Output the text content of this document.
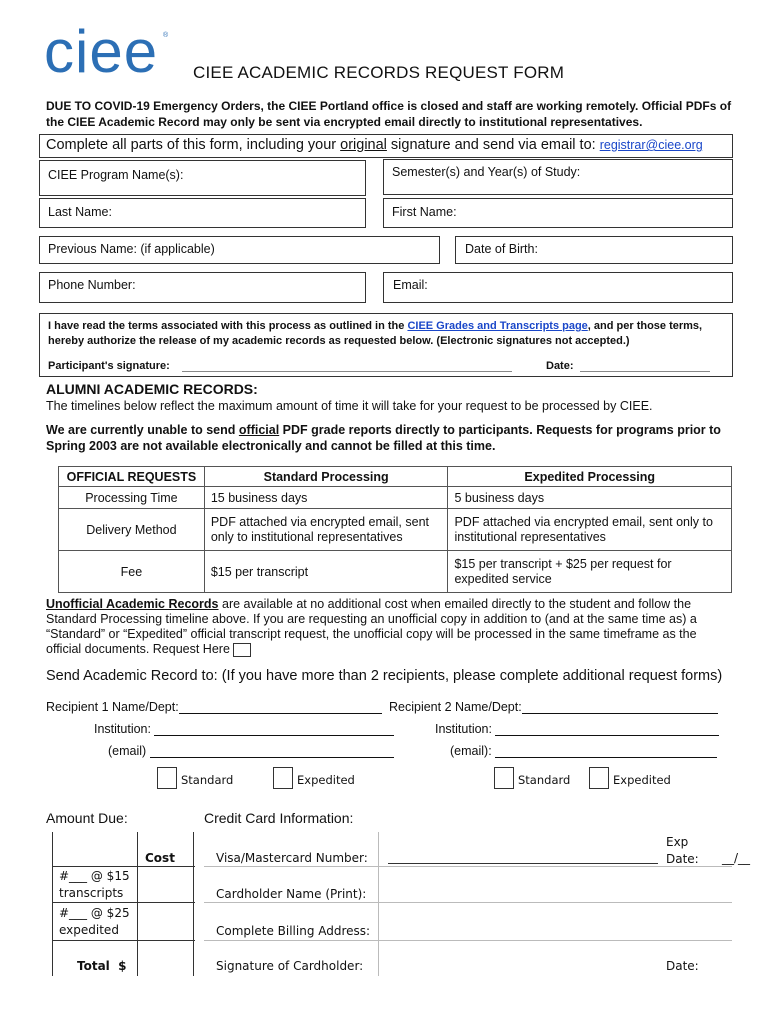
ciee ®
CIEE ACADEMIC RECORDS REQUEST FORM
DUE TO COVID-19 Emergency Orders, the CIEE Portland office is closed and staff are working remotely. Official PDFs of the CIEE Academic Record may only be sent via encrypted email directly to institutional representatives.
Complete all parts of this form, including your original signature and send via email to: registrar@ciee.org
CIEE Program Name(s):	Semester(s) and Year(s) of Study:
Last Name:	First Name:
Previous Name: (if applicable)	Date of Birth:
Phone Number:	Email:
I have read the terms associated with this process as outlined in the CIEE Grades and Transcripts page, and per those terms, hereby authorize the release of my academic records as requested below. (Electronic signatures not accepted.)
Participant's signature:	Date:
ALUMNI ACADEMIC RECORDS:
The timelines below reflect the maximum amount of time it will take for your request to be processed by CIEE.
We are currently unable to send official PDF grade reports directly to participants. Requests for programs prior to Spring 2003 are not available electronically and cannot be filled at this time.
OFFICIAL REQUESTS	Standard Processing	Expedited Processing
Processing Time	15 business days	5 business days
Delivery Method	PDF attached via encrypted email, sent only to institutional representatives	PDF attached via encrypted email, sent only to institutional representatives
Fee	$15 per transcript	$15 per transcript + $25 per request for expedited service
Unofficial Academic Records are available at no additional cost when emailed directly to the student and follow the Standard Processing timeline above. If you are requesting an unofficial copy in addition to (and at the same time as) a “Standard” or “Expedited” official transcript request, the unofficial copy will be processed in the same timeframe as the official documents. Request Here
Send Academic Record to: (If you have more than 2 recipients, please complete additional request forms)
Recipient 1 Name/Dept:
Institution:
(email)
Standard	Expedited
Recipient 2 Name/Dept:
Institution:
(email):
Standard	Expedited
Amount Due:	Credit Card Information:
Cost
#___ @ $15 transcripts
#___ @ $25 expedited
Total  $
Visa/Mastercard Number:
Exp Date:	__/__
Cardholder Name (Print):
Complete Billing Address:
Signature of Cardholder:	Date:
